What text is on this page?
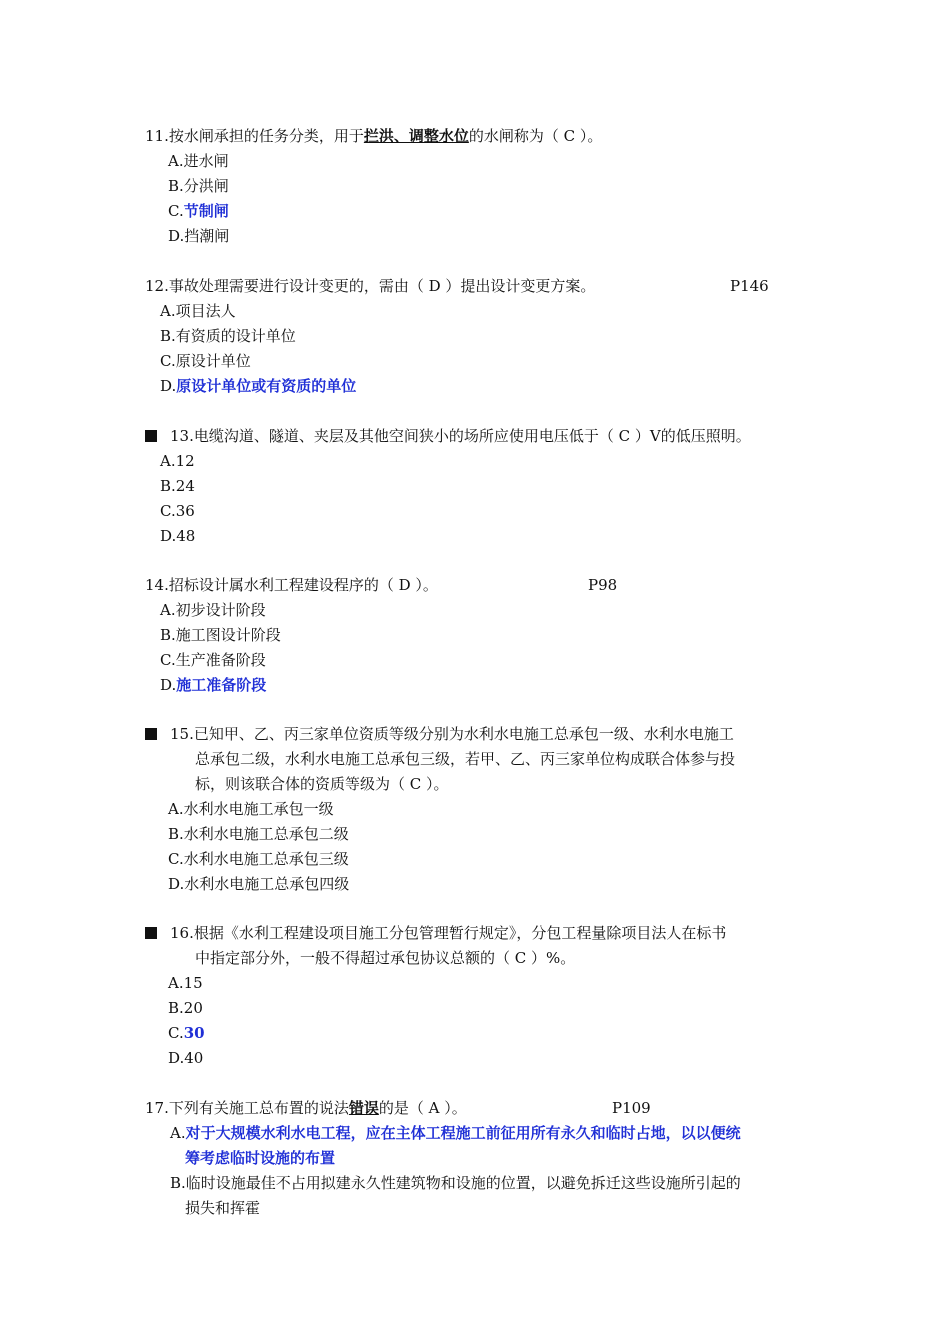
11.按水闸承担的任务分类，用于拦洪、调整水位的水闸称为（ C ）。
A.进水闸
B.分洪闸
C.节制闸
D.挡潮闸
12.事故处理需要进行设计变更的，需由（ D ）提出设计变更方案。	P146
A.项目法人
B.有资质的设计单位
C.原设计单位
D.原设计单位或有资质的单位
13.电缆沟道、隧道、夹层及其他空间狭小的场所应使用电压低于（ C ）V的低压照明。
A.12
B.24
C.36
D.48
14.招标设计属水利工程建设程序的（ D ）。	P98
A.初步设计阶段
B.施工图设计阶段
C.生产准备阶段
D.施工准备阶段
15.已知甲、乙、丙三家单位资质等级分别为水利水电施工总承包一级、水利水电施工
总承包二级，水利水电施工总承包三级，若甲、乙、丙三家单位构成联合体参与投
标，则该联合体的资质等级为（ C ）。
A.水利水电施工承包一级
B.水利水电施工总承包二级
C.水利水电施工总承包三级
D.水利水电施工总承包四级
16.根据《水利工程建设项目施工分包管理暂行规定》，分包工程量除项目法人在标书
中指定部分外，一般不得超过承包协议总额的（ C ）%。
A.15
B.20
C.30
D.40
17.下列有关施工总布置的说法错误的是（ A ）。	P109
A.对于大规模水利水电工程，应在主体工程施工前征用所有永久和临时占地，以以便统
筹考虑临时设施的布置
B.临时设施最佳不占用拟建永久性建筑物和设施的位置，以避免拆迁这些设施所引起的
损失和挥霍
